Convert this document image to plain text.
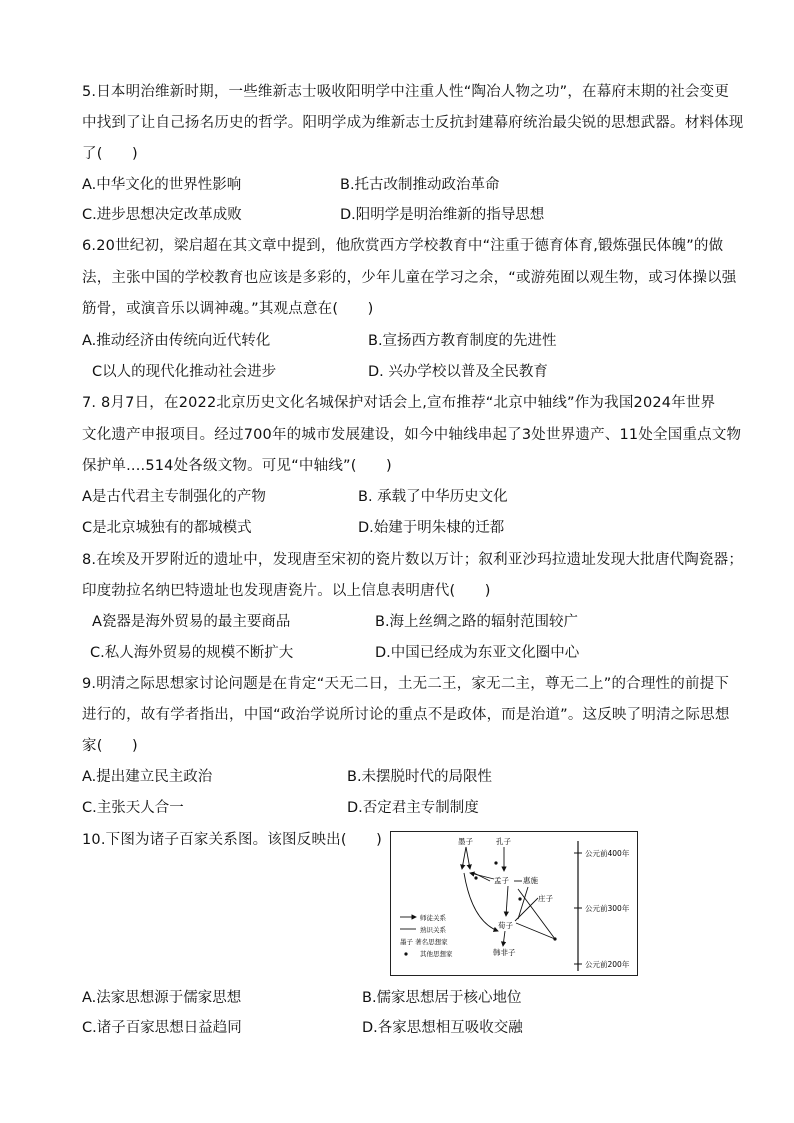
5.日本明治维新时期，一些维新志士吸收阳明学中注重人性“陶冶人物之功”，在幕府末期的社会变更
中找到了让自己扬名历史的哲学。阳明学成为维新志士反抗封建幕府统治最尖锐的思想武器。材料体现
了(　　)
A.中华文化的世界性影响	B.托古改制推动政治革命
C.进步思想决定改革成败	D.阳明学是明治维新的指导思想
6.20世纪初，梁启超在其文章中提到，他欣赏西方学校教育中“注重于德育体育,锻炼强民体魄”的做
法，主张中国的学校教育也应该是多彩的，少年儿童在学习之余，“或游苑囿以观生物，或习体操以强
筋骨，或演音乐以调神魂。”其观点意在(　　)
A.推动经济由传统向近代转化	B.宣扬西方教育制度的先进性
C以人的现代化推动社会进步	D. 兴办学校以普及全民教育
7. 8月7日，在2022北京历史文化名城保护对话会上,宣布推荐“北京中轴线”作为我国2024年世界
文化遗产申报项目。经过700年的城市发展建设，如今中轴线串起了3处世界遗产、11处全国重点文物
保护单....514处各级文物。可见“中轴线”(　　)
A是古代君主专制强化的产物	B. 承载了中华历史文化
C是北京城独有的都城模式	D.始建于明朱棣的迁都
8.在埃及开罗附近的遗址中，发现唐至宋初的瓷片数以万计；叙利亚沙玛拉遗址发现大批唐代陶瓷器；
印度勃拉名纳巴特遗址也发现唐瓷片。以上信息表明唐代(　　)
A瓷器是海外贸易的最主要商品	B.海上丝绸之路的辐射范围较广
C.私人海外贸易的规模不断扩大	D.中国已经成为东亚文化圈中心
9.明清之际思想家讨论问题是在肯定“天无二日，土无二王，家无二主，尊无二上”的合理性的前提下
进行的，故有学者指出，中国“政治学说所讨论的重点不是政体，而是治道”。这反映了明清之际思想
家(　　)
A.提出建立民主政治	B.未摆脱时代的局限性
C.主张天人合一	D.否定君主专制制度
10.下图为诸子百家关系图。该图反映出(　　)
公元前400年
公元前300年
公元前200年
墨子	孔子
孟子 惠施
庄子
荀子
韩非子
师徒关系
熟识关系
墨子 著名思想家
其他思想家
A.法家思想源于儒家思想	B.儒家思想居于核心地位
C.诸子百家思想日益趋同	D.各家思想相互吸收交融
